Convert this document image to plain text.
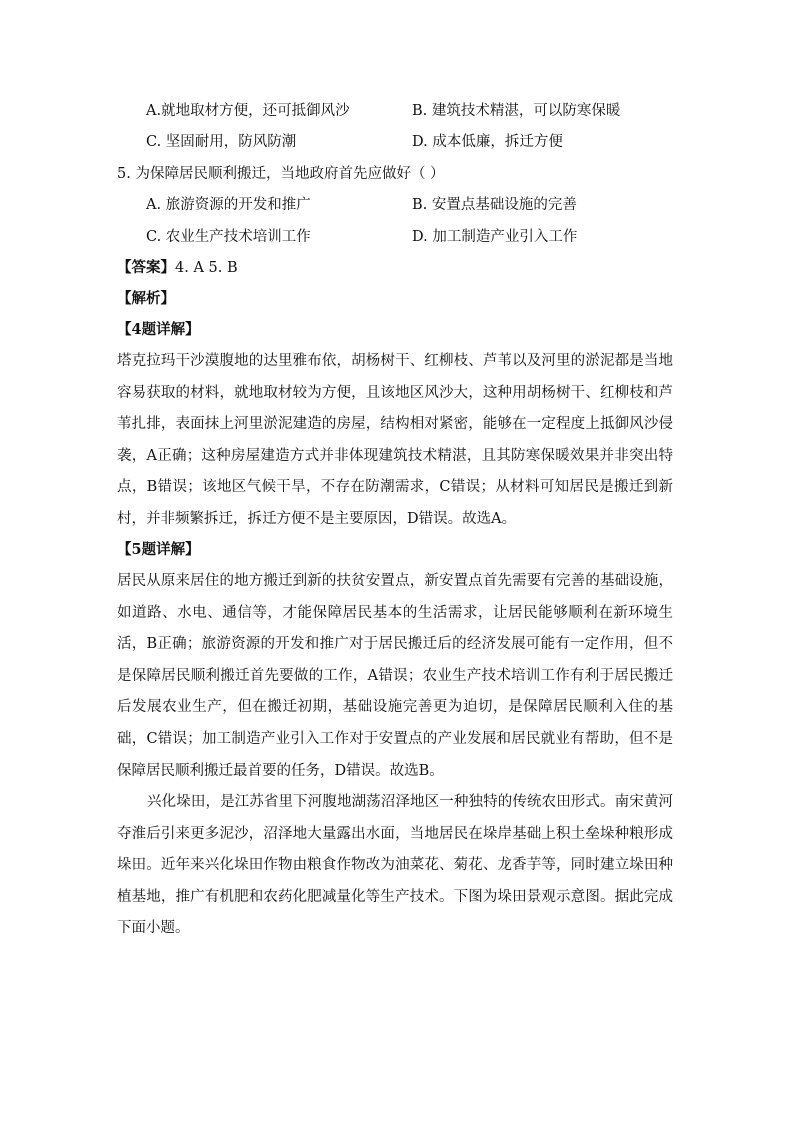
A.就地取材方便，还可抵御风沙	B. 建筑技术精湛，可以防寒保暖
C. 坚固耐用，防风防潮	D. 成本低廉，拆迁方便
5. 为保障居民顺利搬迁，当地政府首先应做好（ ）
A. 旅游资源的开发和推广	B. 安置点基础设施的完善
C. 农业生产技术培训工作	D. 加工制造产业引入工作
【答案】4. A 5. B
【解析】
【4题详解】

塔克拉玛干沙漠腹地的达里雅布依，胡杨树干、红柳枝、芦苇以及河里的淤泥都是当地容易获取的材料，就地取材较为方便，且该地区风沙大，这种用胡杨树干、红柳枝和芦苇扎排，表面抹上河里淤泥建造的房屋，结构相对紧密，能够在一定程度上抵御风沙侵袭，A正确；这种房屋建造方式并非体现建筑技术精湛，且其防寒保暖效果并非突出特点，B错误；该地区气候干旱，不存在防潮需求，C错误；从材料可知居民是搬迁到新村，并非频繁拆迁，拆迁方便不是主要原因，D错误。故选A。

【5题详解】

居民从原来居住的地方搬迁到新的扶贫安置点，新安置点首先需要有完善的基础设施，如道路、水电、通信等，才能保障居民基本的生活需求，让居民能够顺利在新环境生活，B正确；旅游资源的开发和推广对于居民搬迁后的经济发展可能有一定作用，但不是保障居民顺利搬迁首先要做的工作，A错误；农业生产技术培训工作有利于居民搬迁后发展农业生产，但在搬迁初期，基础设施完善更为迫切，是保障居民顺利入住的基础，C错误；加工制造产业引入工作对于安置点的产业发展和居民就业有帮助，但不是保障居民顺利搬迁最首要的任务，D错误。故选B。

兴化垛田，是江苏省里下河腹地湖荡沼泽地区一种独特的传统农田形式。南宋黄河夺淮后引来更多泥沙，沼泽地大量露出水面，当地居民在垛岸基础上积土垒垛种粮形成垛田。近年来兴化垛田作物由粮食作物改为油菜花、菊花、龙香芋等，同时建立垛田种植基地，推广有机肥和农药化肥减量化等生产技术。下图为垛田景观示意图。据此完成下面小题。
